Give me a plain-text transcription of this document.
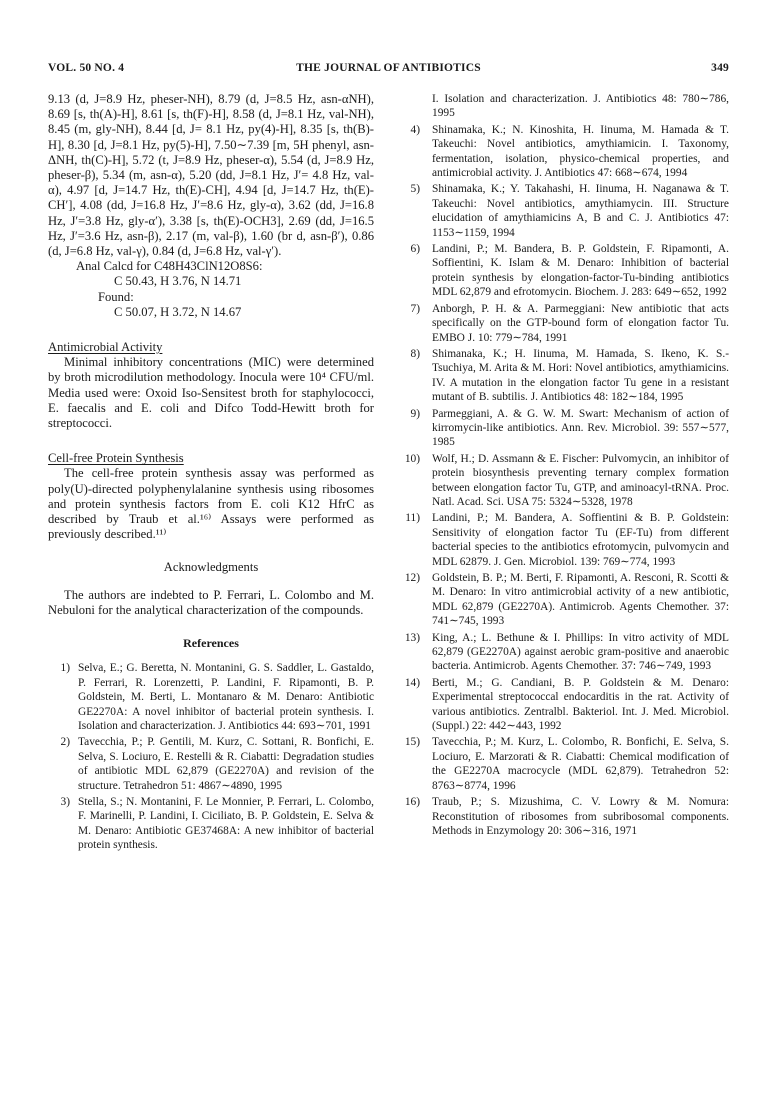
VOL. 50 NO. 4	THE JOURNAL OF ANTIBIOTICS	349

9.13 (d, J=8.9 Hz, pheser-NH), 8.79 (d, J=8.5 Hz, asn-αNH), 8.69 [s, th(A)-H], 8.61 [s, th(F)-H], 8.58 (d, J=8.1 Hz, val-NH), 8.45 (m, gly-NH), 8.44 [d, J= 8.1 Hz, py(4)-H], 8.35 [s, th(B)-H], 8.30 [d, J=8.1 Hz, py(5)-H], 7.50∼7.39 [m, 5H phenyl, asn-ΔNH, th(C)-H], 5.72 (t, J=8.9 Hz, pheser-α), 5.54 (d, J=8.9 Hz, pheser-β), 5.34 (m, asn-α), 5.20 (dd, J=8.1 Hz, J′= 4.8 Hz, val-α), 4.97 [d, J=14.7 Hz, th(E)-CH], 4.94 [d, J=14.7 Hz, th(E)-CH′], 4.08 (dd, J=16.8 Hz, J′=8.6 Hz, gly-α), 3.62 (dd, J=16.8 Hz, J′=3.8 Hz, gly-α′), 3.38 [s, th(E)-OCH3], 2.69 (dd, J=16.5 Hz, J′=3.6 Hz, asn-β), 2.17 (m, val-β), 1.60 (br d, asn-β′), 0.86 (d, J=6.8 Hz, val-γ), 0.84 (d, J=6.8 Hz, val-γ′).

Anal Calcd for C48H43ClN12O8S6:

C 50.43, H 3.76, N 14.71

Found:

C 50.07, H 3.72, N 14.67

Antimicrobial Activity

Minimal inhibitory concentrations (MIC) were determined by broth microdilution methodology. Inocula were 10⁴ CFU/ml. Media used were: Oxoid Iso-Sensitest broth for staphylococci, E. faecalis and E. coli and Difco Todd-Hewitt broth for streptococci.

Cell-free Protein Synthesis

The cell-free protein synthesis assay was performed as poly(U)-directed polyphenylalanine synthesis using ribosomes and protein synthesis factors from E. coli K12 HfrC as described by Traub et al.¹⁶⁾ Assays were performed as previously described.¹¹⁾

Acknowledgments

The authors are indebted to P. Ferrari, L. Colombo and M. Nebuloni for the analytical characterization of the compounds.

References

1) Selva, E.; G. Beretta, N. Montanini, G. S. Saddler, L. Gastaldo, P. Ferrari, R. Lorenzetti, P. Landini, F. Ripamonti, B. P. Goldstein, M. Berti, L. Montanaro & M. Denaro: Antibiotic GE2270A: A novel inhibitor of bacterial protein synthesis. I. Isolation and characterization. J. Antibiotics 44: 693∼701, 1991
2) Tavecchia, P.; P. Gentili, M. Kurz, C. Sottani, R. Bonfichi, E. Selva, S. Lociuro, E. Restelli & R. Ciabatti: Degradation studies of antibiotic MDL 62,879 (GE2270A) and revision of the structure. Tetrahedron 51: 4867∼4890, 1995
3) Stella, S.; N. Montanini, F. Le Monnier, P. Ferrari, L. Colombo, F. Marinelli, P. Landini, I. Ciciliato, B. P. Goldstein, E. Selva & M. Denaro: Antibiotic GE37468A: A new inhibitor of bacterial protein synthesis.
I. Isolation and characterization. J. Antibiotics 48: 780∼786, 1995
4) Shinamaka, K.; N. Kinoshita, H. Iinuma, M. Hamada & T. Takeuchi: Novel antibiotics, amythiamicin. I. Taxonomy, fermentation, isolation, physico-chemical properties, and antimicrobial activity. J. Antibiotics 47: 668∼674, 1994
5) Shinamaka, K.; Y. Takahashi, H. Iinuma, H. Naganawa & T. Takeuchi: Novel antibiotics, amythiamycin. III. Structure elucidation of amythiamicins A, B and C. J. Antibiotics 47: 1153∼1159, 1994
6) Landini, P.; M. Bandera, B. P. Goldstein, F. Ripamonti, A. Soffientini, K. Islam & M. Denaro: Inhibition of bacterial protein synthesis by elongation-factor-Tu-binding antibiotics MDL 62,879 and efrotomycin. Biochem. J. 283: 649∼652, 1992
7) Anborgh, P. H. & A. Parmeggiani: New antibiotic that acts specifically on the GTP-bound form of elongation factor Tu. EMBO J. 10: 779∼784, 1991
8) Shimanaka, K.; H. Iinuma, M. Hamada, S. Ikeno, K. S.-Tsuchiya, M. Arita & M. Hori: Novel antibiotics, amythiamicins. IV. A mutation in the elongation factor Tu gene in a resistant mutant of B. subtilis. J. Antibiotics 48: 182∼184, 1995
9) Parmeggiani, A. & G. W. M. Swart: Mechanism of action of kirromycin-like antibiotics. Ann. Rev. Microbiol. 39: 557∼577, 1985
10) Wolf, H.; D. Assmann & E. Fischer: Pulvomycin, an inhibitor of protein biosynthesis preventing ternary complex formation between elongation factor Tu, GTP, and aminoacyl-tRNA. Proc. Natl. Acad. Sci. USA 75: 5324∼5328, 1978
11) Landini, P.; M. Bandera, A. Soffientini & B. P. Goldstein: Sensitivity of elongation factor Tu (EF-Tu) from different bacterial species to the antibiotics efrotomycin, pulvomycin and MDL 62879. J. Gen. Microbiol. 139: 769∼774, 1993
12) Goldstein, B. P.; M. Berti, F. Ripamonti, A. Resconi, R. Scotti & M. Denaro: In vitro antimicrobial activity of a new antibiotic, MDL 62,879 (GE2270A). Antimicrob. Agents Chemother. 37: 741∼745, 1993
13) King, A.; L. Bethune & I. Phillips: In vitro activity of MDL 62,879 (GE2270A) against aerobic gram-positive and anaerobic bacteria. Antimicrob. Agents Chemother. 37: 746∼749, 1993
14) Berti, M.; G. Candiani, B. P. Goldstein & M. Denaro: Experimental streptococcal endocarditis in the rat. Activity of various antibiotics. Zentralbl. Bakteriol. Int. J. Med. Microbiol. (Suppl.) 22: 442∼443, 1992
15) Tavecchia, P.; M. Kurz, L. Colombo, R. Bonfichi, E. Selva, S. Lociuro, E. Marzorati & R. Ciabatti: Chemical modification of the GE2270A macrocycle (MDL 62,879). Tetrahedron 52: 8763∼8774, 1996
16) Traub, P.; S. Mizushima, C. V. Lowry & M. Nomura: Reconstitution of ribosomes from subribosomal components. Methods in Enzymology 20: 306∼316, 1971
